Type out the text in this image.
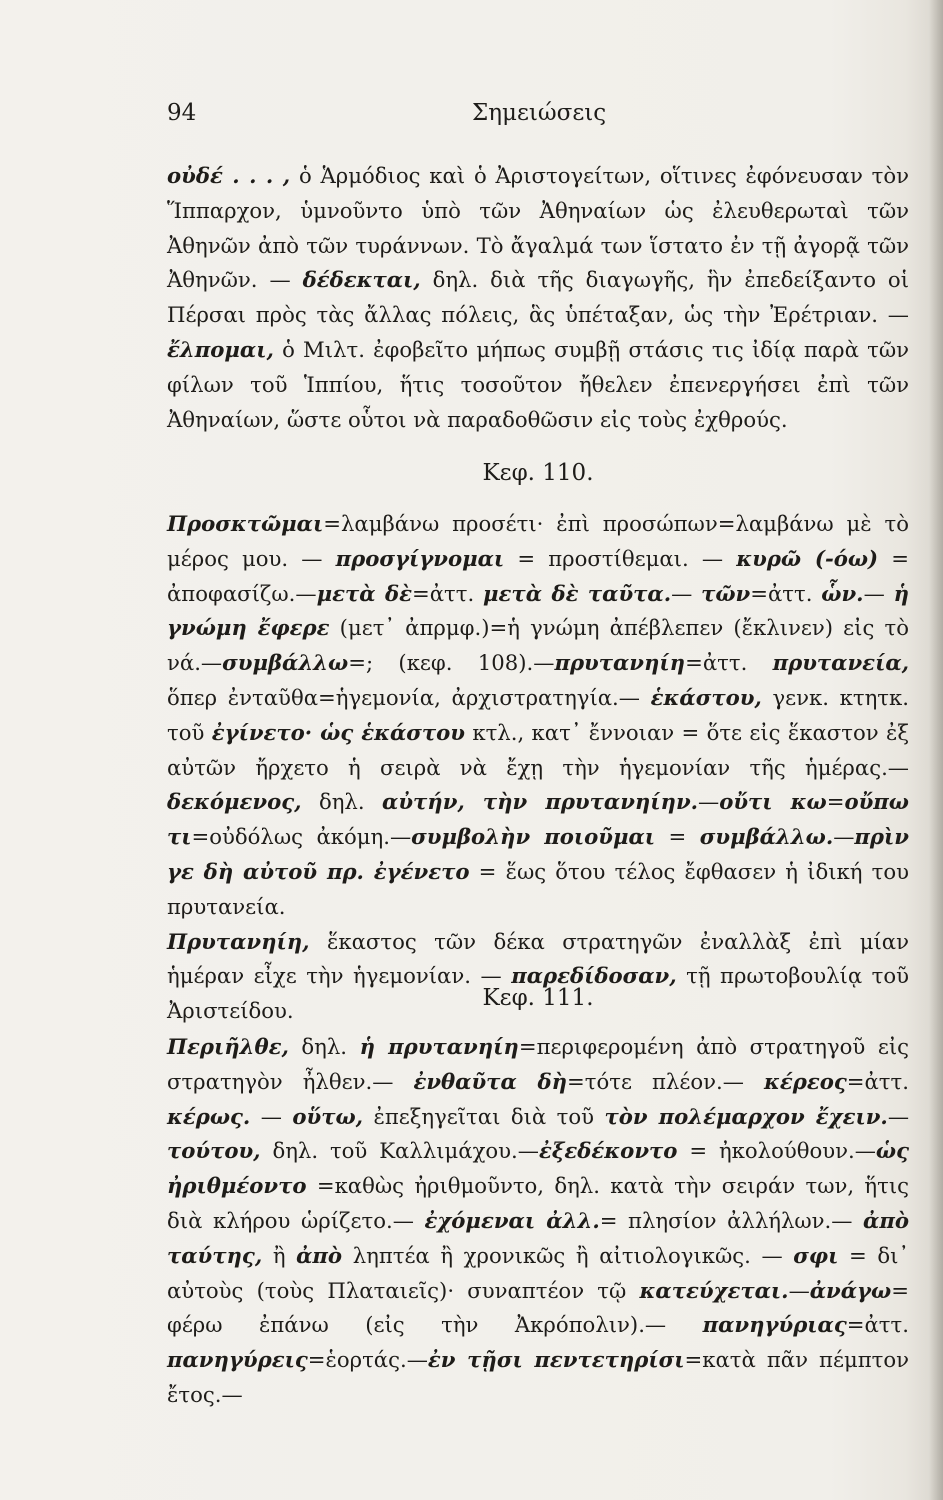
94	Σημειώσεις

οὐδέ . . . , ὁ Ἁρμόδιος καὶ ὁ Ἀριστογείτων, οἵτινες ἐφόνευσαν τὸν Ἵππαρχον, ὑμνοῦντο ὑπὸ τῶν Ἀθηναίων ὡς ἐλευθερωταὶ τῶν Ἀθηνῶν ἀπὸ τῶν τυράννων. Τὸ ἄγαλμά των ἵστατο ἐν τῇ ἀγορᾷ τῶν Ἀθηνῶν. — δέδεκται, δηλ. διὰ τῆς διαγωγῆς, ἣν ἐπεδείξαντο οἱ Πέρσαι πρὸς τὰς ἄλλας πόλεις, ἃς ὑπέταξαν, ὡς τὴν Ἐρέτριαν. — ἔλπομαι, ὁ Μιλτ. ἐφοβεῖτο μήπως συμβῇ στάσις τις ἰδίᾳ παρὰ τῶν φίλων τοῦ Ἱππίου, ἥτις τοσοῦτον ἤθελεν ἐπενεργήσει ἐπὶ τῶν Ἀθηναίων, ὥστε οὗτοι νὰ παραδοθῶσιν εἰς τοὺς ἐχθρούς.

Κεφ. 110.

Προσκτῶμαι=λαμβάνω προσέτι· ἐπὶ προσώπων=λαμβάνω μὲ τὸ μέρος μου. — προσγίγνομαι = προστίθεμαι. — κυρῶ (-όω) = ἀποφασίζω.—μετὰ δὲ=ἀττ. μετὰ δὲ ταῦτα.— τῶν=ἀττ. ὧν.— ἡ γνώμη ἔφερε (μετ᾽ ἀπρμφ.)=ἡ γνώμη ἀπέβλεπεν (ἔκλινεν) εἰς τὸ νά.—συμβάλλω=; (κεφ. 108).—πρυτανηίη=ἀττ. πρυτανεία, ὅπερ ἐνταῦθα=ἡγεμονία, ἀρχιστρατηγία.— ἑκάστου, γενκ. κτητκ. τοῦ ἐγίνετο· ὡς ἑκάστου κτλ., κατ᾽ ἔννοιαν = ὅτε εἰς ἕκαστον ἐξ αὐτῶν ἤρχετο ἡ σειρὰ νὰ ἔχῃ τὴν ἡγεμονίαν τῆς ἡμέρας.—δεκόμενος, δηλ. αὐτήν, τὴν πρυτανηίην.—οὔτι κω=οὔπω τι=οὐδόλως ἀκόμη.—συμβολὴν ποιοῦμαι = συμβάλλω.—πρὶν γε δὴ αὐτοῦ πρ. ἐγένετο = ἕως ὅτου τέλος ἔφθασεν ἡ ἰδική του πρυτανεία.

Πρυτανηίη, ἕκαστος τῶν δέκα στρατηγῶν ἐναλλὰξ ἐπὶ μίαν ἡμέραν εἶχε τὴν ἡγεμονίαν. — παρεδίδοσαν, τῇ πρωτοβουλίᾳ τοῦ Ἀριστείδου.	Κεφ. 111.

Περιῆλθε, δηλ. ἡ πρυτανηίη=περιφερομένη ἀπὸ στρατηγοῦ εἰς στρατηγὸν ἦλθεν.— ἐνθαῦτα δὴ=τότε πλέον.— κέρεος=ἀττ. κέρως. — οὕτω, ἐπεξηγεῖται διὰ τοῦ τὸν πολέμαρχον ἔχειν.— τούτου, δηλ. τοῦ Καλλιμάχου.—ἐξεδέκοντο = ἠκολούθουν.—ὡς ἠριθμέοντο =καθὼς ἠριθμοῦντο, δηλ. κατὰ τὴν σειράν των, ἥτις διὰ κλήρου ὡρίζετο.— ἐχόμεναι ἀλλ.= πλησίον ἀλλήλων.— ἀπὸ ταύτης, ἢ ἀπὸ ληπτέα ἢ χρονικῶς ἢ αἰτιολογικῶς. — σφι = δι᾽ αὐτοὺς (τοὺς Πλαταιεῖς)· συναπτέον τῷ κατεύχεται.—ἀνάγω= φέρω ἐπάνω (εἰς τὴν Ἀκρόπολιν).— πανηγύριας=ἀττ. πανηγύρεις=ἑορτάς.—ἐν τῇσι πεντετηρίσι=κατὰ πᾶν πέμπτον ἔτος.—
